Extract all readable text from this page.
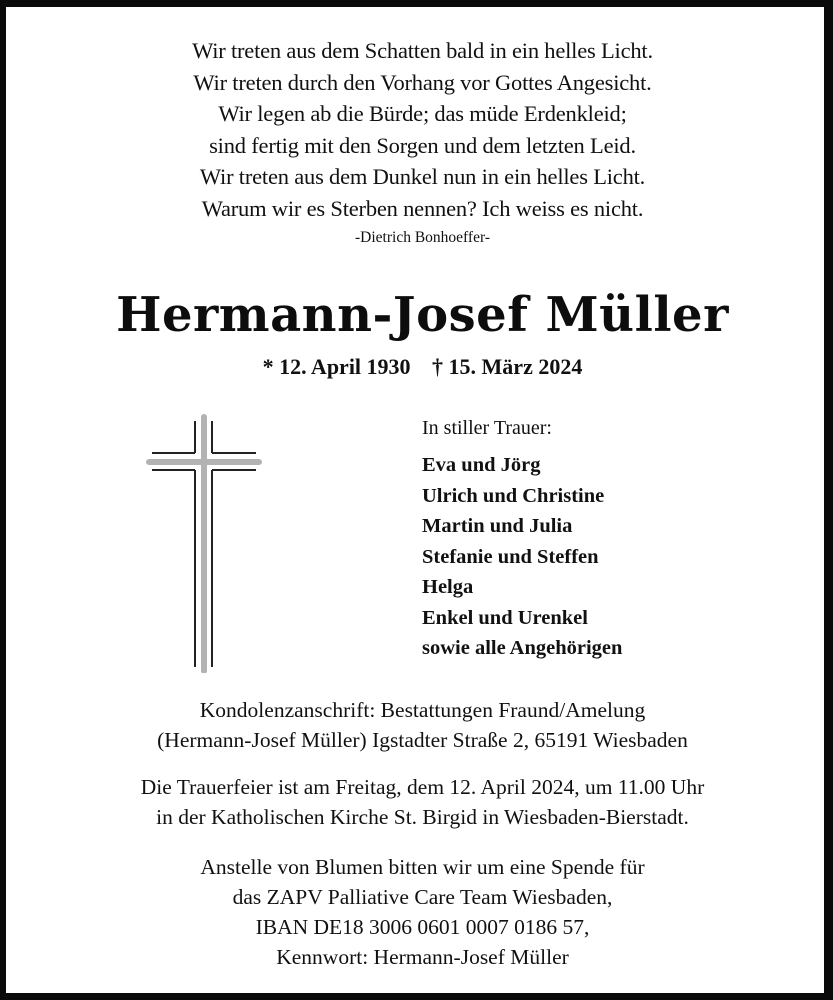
Wir treten aus dem Schatten bald in ein helles Licht.
Wir treten durch den Vorhang vor Gottes Angesicht.
Wir legen ab die Bürde; das müde Erdenkleid;
sind fertig mit den Sorgen und dem letzten Leid.
Wir treten aus dem Dunkel nun in ein helles Licht.
Warum wir es Sterben nennen? Ich weiss es nicht.
-Dietrich Bonhoeffer-
Hermann-Josef Müller
* 12. April 1930 † 15. März 2024
In stiller Trauer:
Eva und Jörg
Ulrich und Christine
Martin und Julia
Stefanie und Steffen
Helga
Enkel und Urenkel
sowie alle Angehörigen
Kondolenzanschrift: Bestattungen Fraund/Amelung
(Hermann-Josef Müller) Igstadter Straße 2, 65191 Wiesbaden
Die Trauerfeier ist am Freitag, dem 12. April 2024, um 11.00 Uhr
in der Katholischen Kirche St. Birgid in Wiesbaden-Bierstadt.
Anstelle von Blumen bitten wir um eine Spende für
das ZAPV Palliative Care Team Wiesbaden,
IBAN DE18 3006 0601 0007 0186 57,
Kennwort: Hermann-Josef Müller
